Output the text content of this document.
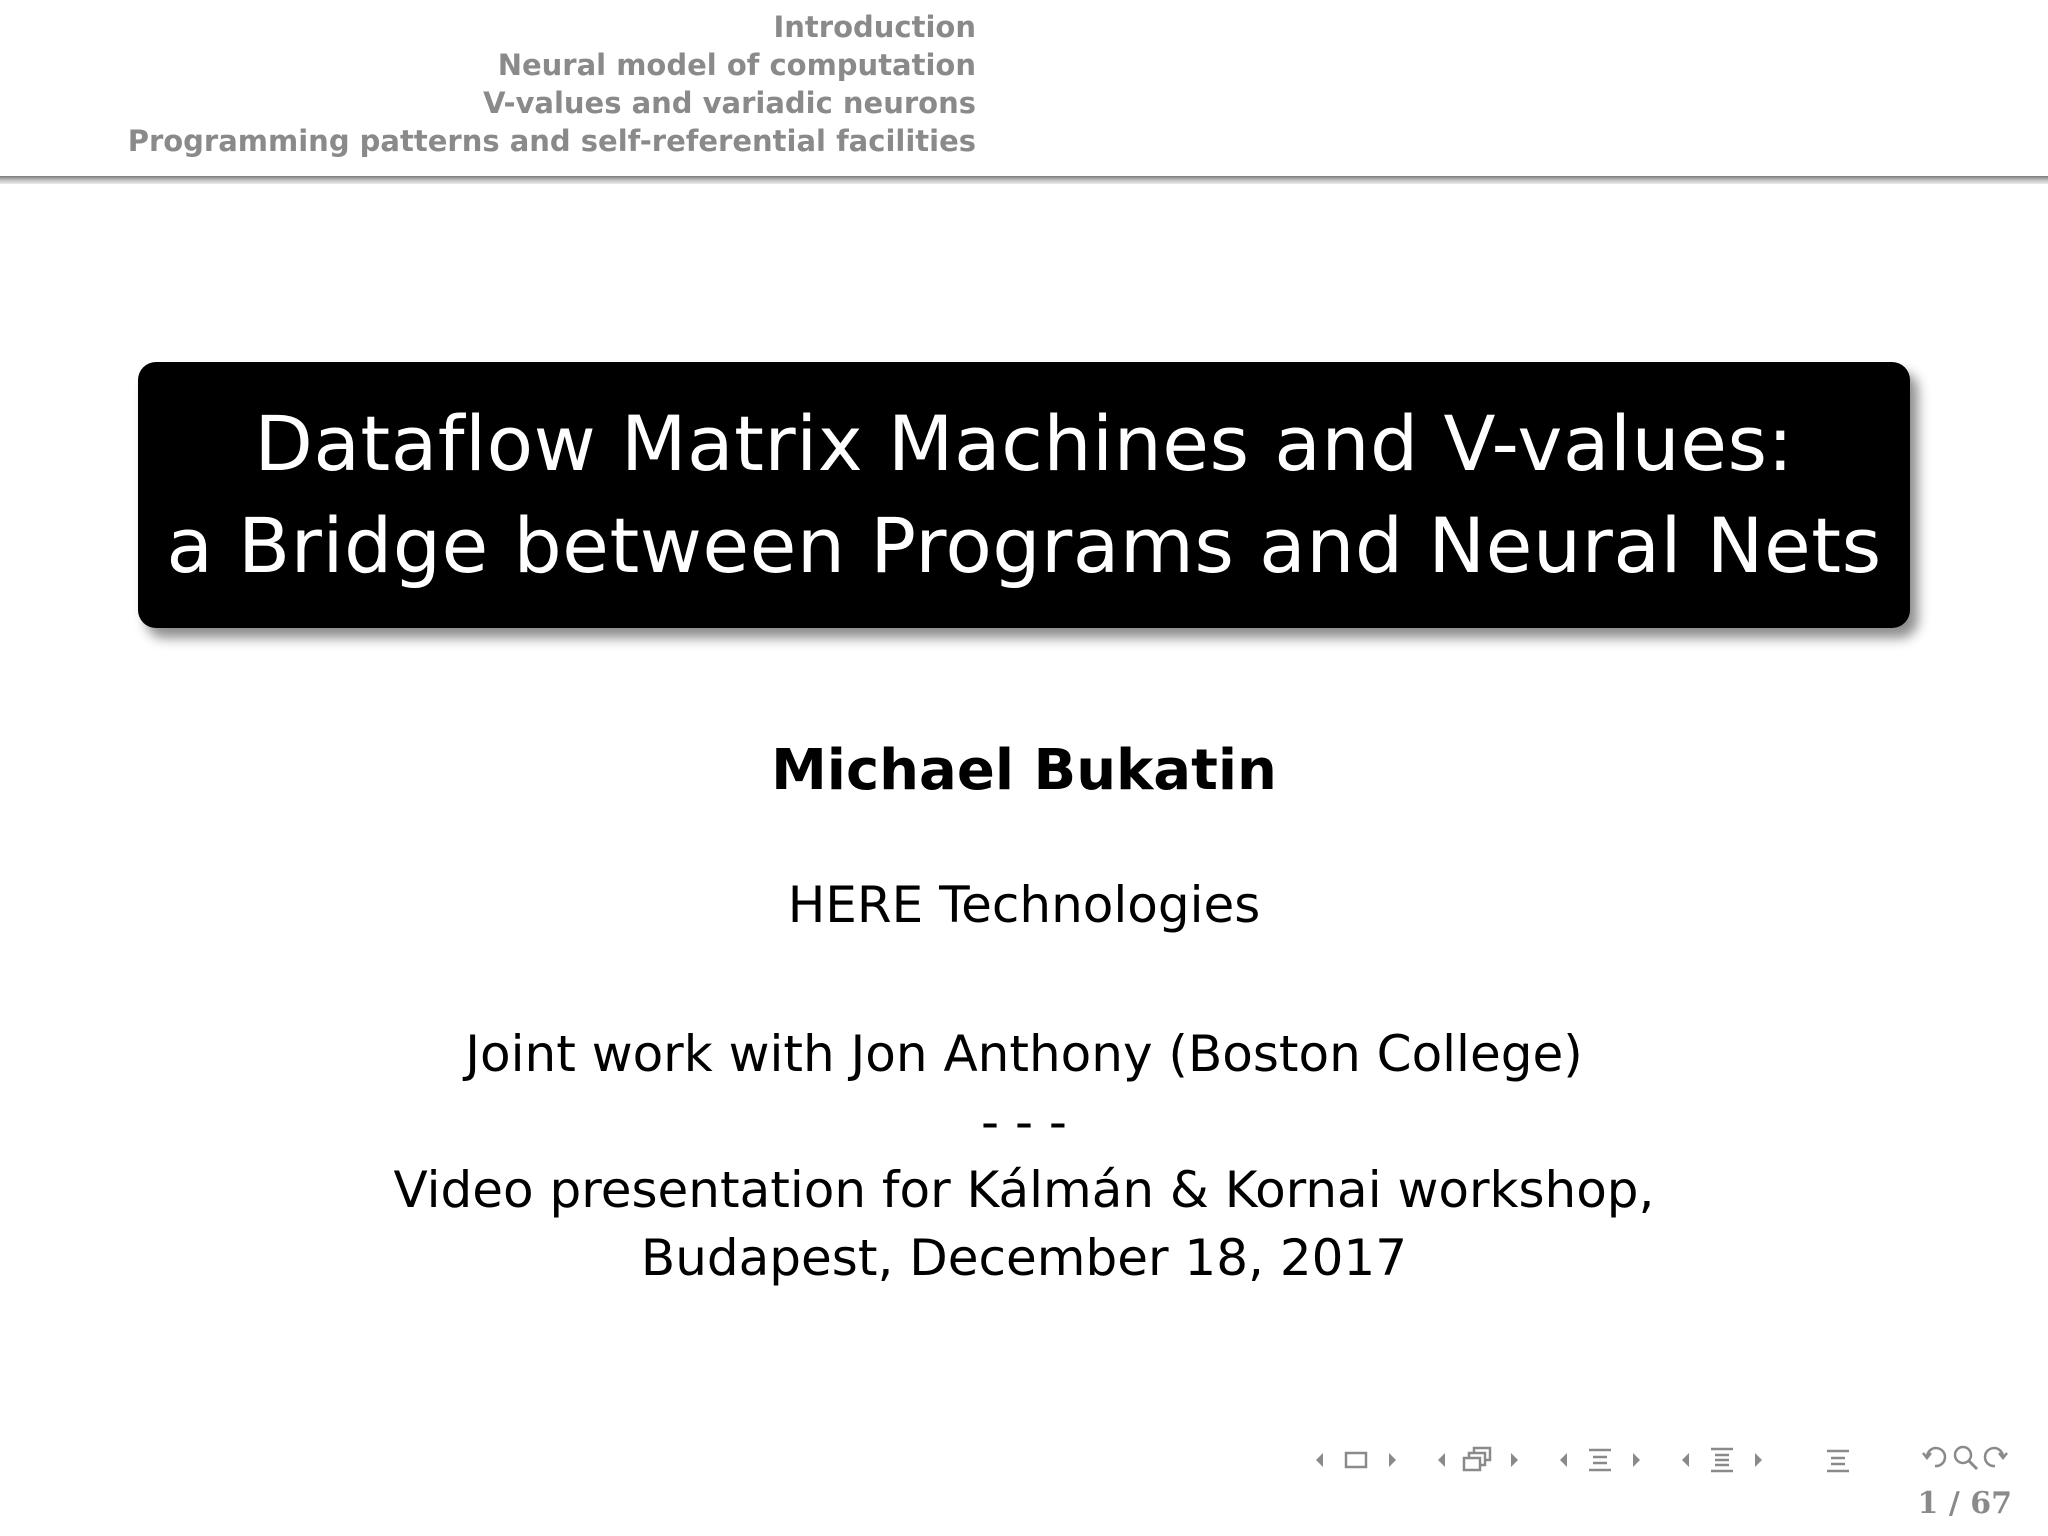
Introduction
Neural model of computation
V-values and variadic neurons
Programming patterns and self-referential facilities
Dataflow Matrix Machines and V-values:
a Bridge between Programs and Neural Nets
Michael Bukatin
HERE Technologies
Joint work with Jon Anthony (Boston College)
- - -
Video presentation for Kálmán & Kornai workshop,
Budapest, December 18, 2017
1 / 67
